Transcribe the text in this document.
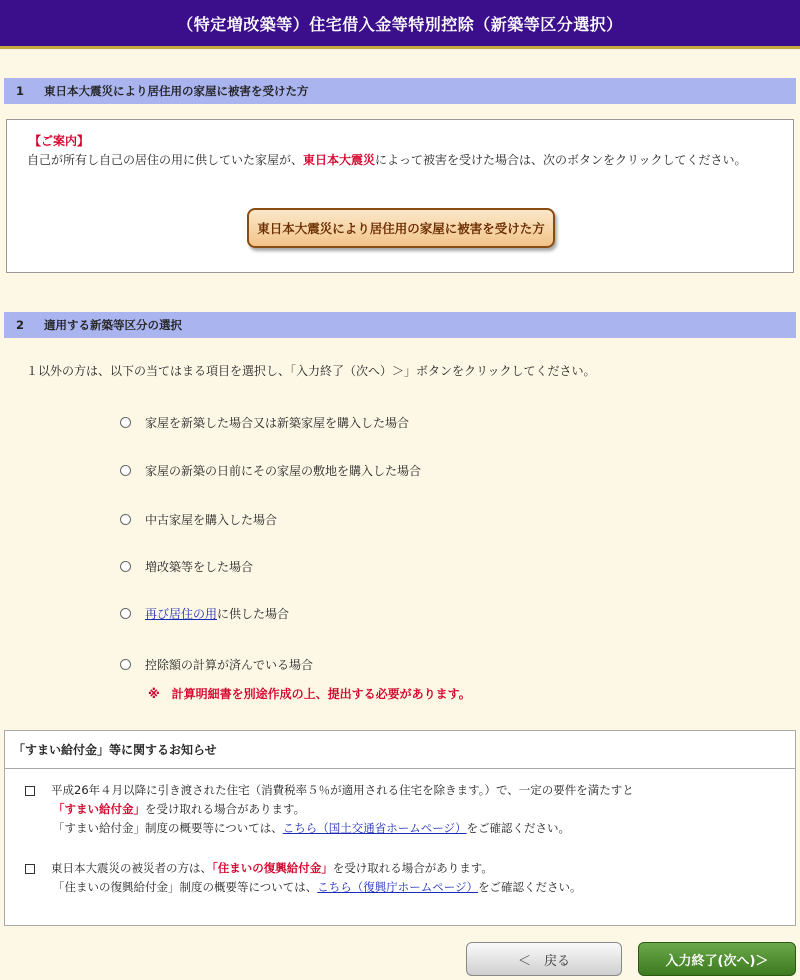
（特定増改築等）住宅借入金等特別控除（新築等区分選択）
1 東日本大震災により居住用の家屋に被害を受けた方
【ご案内】
自己が所有し自己の居住の用に供していた家屋が、東日本大震災によって被害を受けた場合は、次のボタンをクリックしてください。
東日本大震災により居住用の家屋に被害を受けた方
2 適用する新築等区分の選択
１以外の方は、以下の当てはまる項目を選択し、「入力終了（次へ）＞」ボタンをクリックしてください。
家屋を新築した場合又は新築家屋を購入した場合
家屋の新築の日前にその家屋の敷地を購入した場合
中古家屋を購入した場合
増改築等をした場合
再び居住の用に供した場合
控除額の計算が済んでいる場合
※　計算明細書を別途作成の上、提出する必要があります。
「すまい給付金」等に関するお知らせ
平成26年４月以降に引き渡された住宅（消費税率５％が適用される住宅を除きます。）で、一定の要件を満たすと
「すまい給付金」を受け取れる場合があります。
「すまい給付金」制度の概要等については、こちら（国土交通省ホームページ）をご確認ください。
東日本大震災の被災者の方は、「住まいの復興給付金」を受け取れる場合があります。
「住まいの復興給付金」制度の概要等については、こちら（復興庁ホームページ）をご確認ください。
＜　戻る	入力終了(次へ)＞
